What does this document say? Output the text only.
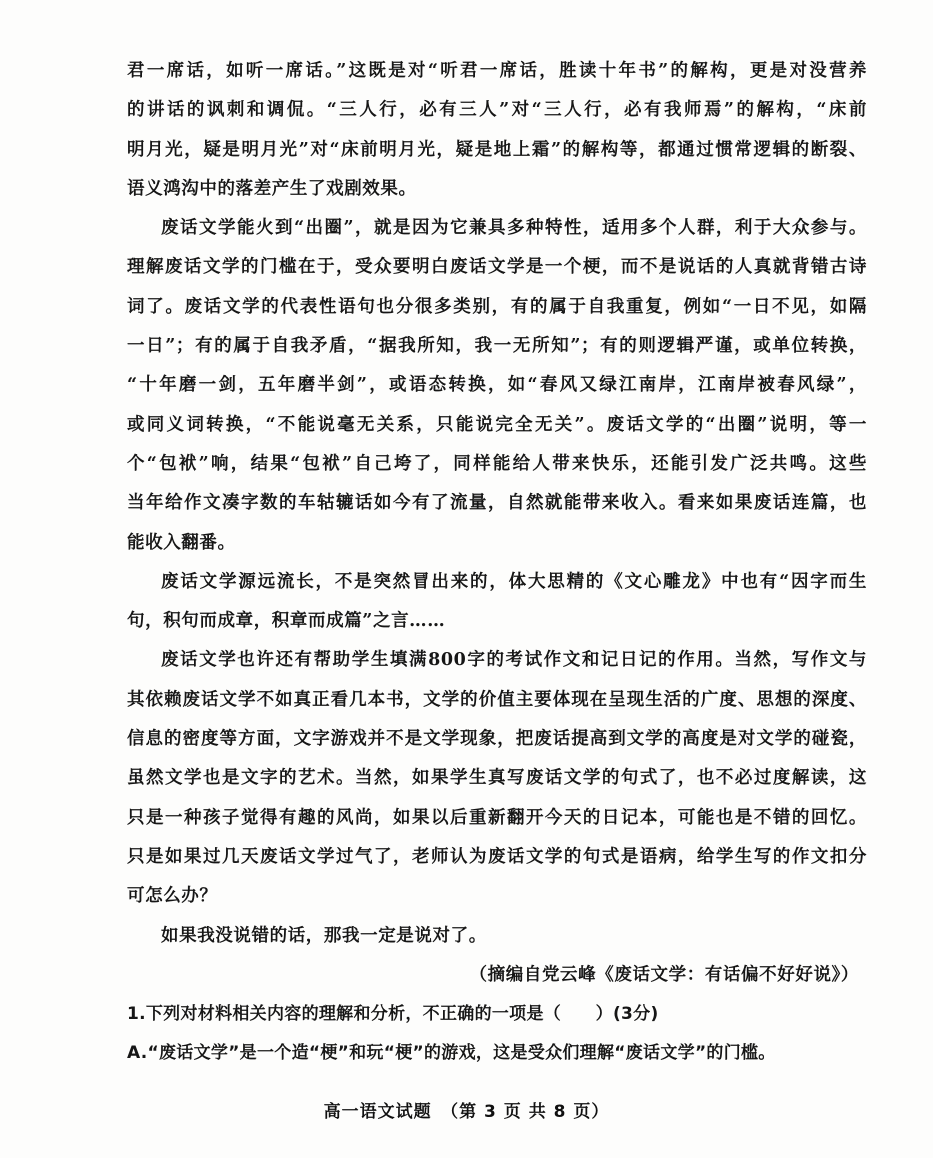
君一席话，如听一席话。”这既是对“听君一席话，胜读十年书”的解构，更是对没营养
的讲话的讽刺和调侃。“三人行，必有三人”对“三人行，必有我师焉”的解构，“床前
明月光，疑是明月光”对“床前明月光，疑是地上霜”的解构等，都通过惯常逻辑的断裂、
语义鸿沟中的落差产生了戏剧效果。
废话文学能火到“出圈”，就是因为它兼具多种特性，适用多个人群，利于大众参与。
理解废话文学的门槛在于，受众要明白废话文学是一个梗，而不是说话的人真就背错古诗
词了。废话文学的代表性语句也分很多类别，有的属于自我重复，例如“一日不见，如隔
一日”；有的属于自我矛盾，“据我所知，我一无所知”；有的则逻辑严谨，或单位转换，
“十年磨一剑，五年磨半剑”，或语态转换，如“春风又绿江南岸，江南岸被春风绿”，
或同义词转换，“不能说毫无关系，只能说完全无关”。废话文学的“出圈”说明，等一
个“包袱”响，结果“包袱”自己垮了，同样能给人带来快乐，还能引发广泛共鸣。这些
当年给作文凑字数的车轱辘话如今有了流量，自然就能带来收入。看来如果废话连篇，也
能收入翻番。
废话文学源远流长，不是突然冒出来的，体大思精的《文心雕龙》中也有“因字而生
句，积句而成章，积章而成篇”之言……
废话文学也许还有帮助学生填满800字的考试作文和记日记的作用。当然，写作文与
其依赖废话文学不如真正看几本书，文学的价值主要体现在呈现生活的广度、思想的深度、
信息的密度等方面，文字游戏并不是文学现象，把废话提高到文学的高度是对文学的碰瓷，
虽然文学也是文字的艺术。当然，如果学生真写废话文学的句式了，也不必过度解读，这
只是一种孩子觉得有趣的风尚，如果以后重新翻开今天的日记本，可能也是不错的回忆。
只是如果过几天废话文学过气了，老师认为废话文学的句式是语病，给学生写的作文扣分
可怎么办？
如果我没说错的话，那我一定是说对了。
（摘编自党云峰《废话文学：有话偏不好好说》）
1.下列对材料相关内容的理解和分析，不正确的一项是（　　）(3分)
A.“废话文学”是一个造“梗”和玩“梗”的游戏，这是受众们理解“废话文学”的门槛。
高一语文试题　（第 3 页 共 8 页）
